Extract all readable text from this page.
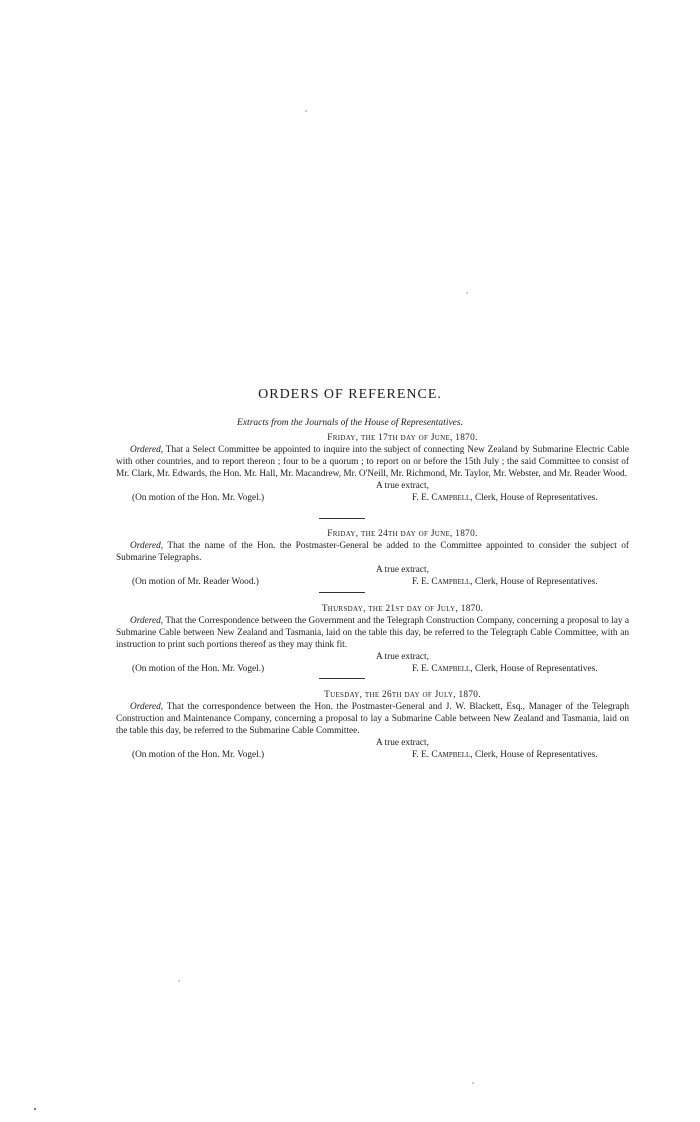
ORDERS OF REFERENCE.
Extracts from the Journals of the House of Representatives.
Friday, the 17th day of June, 1870.
Ordered, That a Select Committee be appointed to inquire into the subject of connecting New Zealand by Submarine Electric Cable with other countries, and to report thereon ; four to be a quorum ; to report on or before the 15th July ; the said Committee to consist of Mr. Clark, Mr. Edwards, the Hon. Mr. Hall, Mr. Macandrew, Mr. O'Neill, Mr. Richmond, Mr. Taylor, Mr. Webster, and Mr. Reader Wood.
A true extract,
(On motion of the Hon. Mr. Vogel.)	F. E. Campbell, Clerk, House of Representatives.
Friday, the 24th day of June, 1870.
Ordered, That the name of the Hon. the Postmaster-General be added to the Committee appointed to consider the subject of Submarine Telegraphs.
A true extract,
(On motion of Mr. Reader Wood.)	F. E. Campbell, Clerk, House of Representatives.
Thursday, the 21st day of July, 1870.
Ordered, That the Correspondence between the Government and the Telegraph Construction Company, concerning a proposal to lay a Submarine Cable between New Zealand and Tasmania, laid on the table this day, be referred to the Telegraph Cable Committee, with an instruction to print such portions thereof as they may think fit.
A true extract,
(On motion of the Hon. Mr. Vogel.)	F. E. Campbell, Clerk, House of Representatives.
Tuesday, the 26th day of July, 1870.
Ordered, That the correspondence between the Hon. the Postmaster-General and J. W. Blackett, Esq., Manager of the Telegraph Construction and Maintenance Company, concerning a proposal to lay a Submarine Cable between New Zealand and Tasmania, laid on the table this day, be referred to the Submarine Cable Committee.
A true extract,
(On motion of the Hon. Mr. Vogel.)	F. E. Campbell, Clerk, House of Representatives.
